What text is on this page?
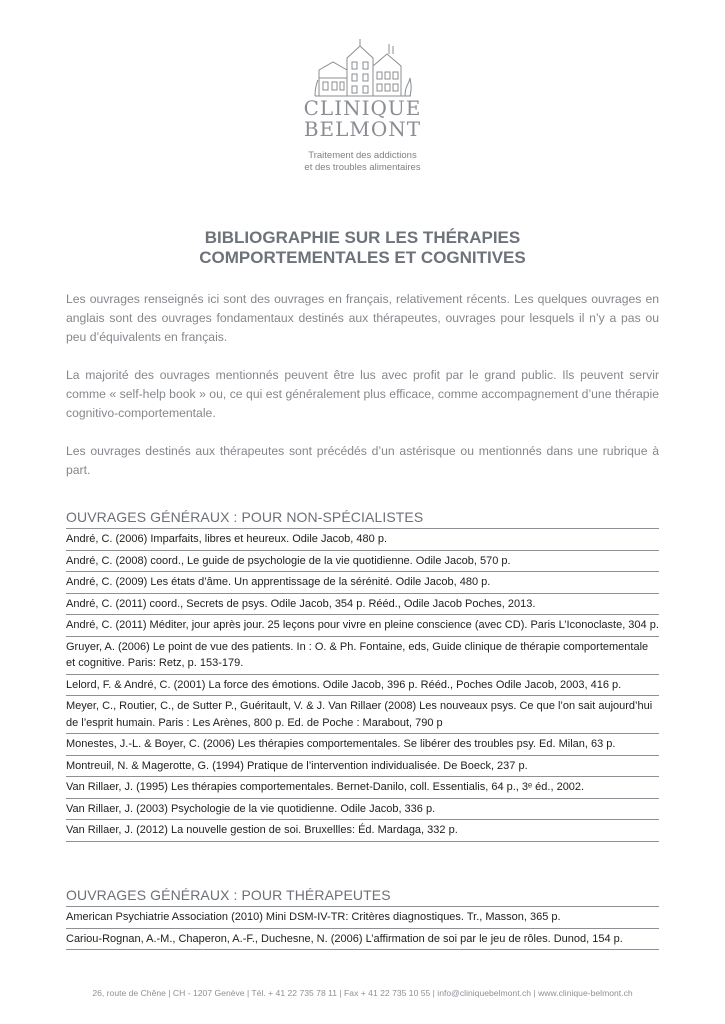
CLINIQUE
BELMONT
Traitement des addictions
et des troubles alimentaires
BIBLIOGRAPHIE SUR LES THÉRAPIES
COMPORTEMENTALES ET COGNITIVES

Les ouvrages renseignés ici sont des ouvrages en français, relativement récents. Les quelques ouvrages en anglais sont des ouvrages fondamentaux destinés aux thérapeutes, ouvrages pour lesquels il n’y a pas ou peu d’équivalents en français.

La majorité des ouvrages mentionnés peuvent être lus avec profit par le grand public. Ils peuvent servir comme « self-help book » ou, ce qui est généralement plus efficace, comme accompagnement d’une thérapie cognitivo-comportementale.

Les ouvrages destinés aux thérapeutes sont précédés d’un astérisque ou mentionnés dans une rubrique à part.

OUVRAGES GÉNÉRAUX : POUR NON-SPÉCIALISTES
André, C. (2006) Imparfaits, libres et heureux. Odile Jacob, 480 p.
André, C. (2008) coord., Le guide de psychologie de la vie quotidienne. Odile Jacob, 570 p.
André, C. (2009) Les états d’âme. Un apprentissage de la sérénité. Odile Jacob, 480 p.
André, C. (2011) coord., Secrets de psys. Odile Jacob, 354 p. Rééd., Odile Jacob Poches, 2013.
André, C. (2011) Méditer, jour après jour. 25 leçons pour vivre en pleine conscience (avec CD). Paris L’Iconoclaste, 304 p.
Gruyer, A. (2006) Le point de vue des patients. In : O. & Ph. Fontaine, eds, Guide clinique de thérapie comportementale et cognitive. Paris: Retz, p. 153-179.
Lelord, F. & André, C. (2001) La force des émotions. Odile Jacob, 396 p. Rééd., Poches Odile Jacob, 2003, 416 p.
Meyer, C., Routier, C., de Sutter P., Guéritault, V. & J. Van Rillaer (2008) Les nouveaux psys. Ce que l’on sait aujourd’hui de l’esprit humain. Paris : Les Arènes, 800 p. Ed. de Poche : Marabout, 790 p
Monestes, J.-L. & Boyer, C. (2006) Les thérapies comportementales. Se libérer des troubles psy. Ed. Milan, 63 p.
Montreuil, N. & Magerotte, G. (1994) Pratique de l’intervention individualisée. De Boeck, 237 p.
Van Rillaer, J. (1995) Les thérapies comportementales. Bernet-Danilo, coll. Essentialis, 64 p., 3ᵉ éd., 2002.
Van Rillaer, J. (2003) Psychologie de la vie quotidienne. Odile Jacob, 336 p.
Van Rillaer, J. (2012) La nouvelle gestion de soi. Bruxellles: Éd. Mardaga, 332 p.
OUVRAGES GÉNÉRAUX : POUR THÉRAPEUTES
American Psychiatrie Association (2010) Mini DSM-IV-TR: Critères diagnostiques. Tr., Masson, 365 p.
Cariou-Rognan, A.-M., Chaperon, A.-F., Duchesne, N. (2006) L’affirmation de soi par le jeu de rôles. Dunod, 154 p.
26, route de Chêne | CH - 1207 Genève | Tél. + 41 22 735 78 11 | Fax + 41 22 735 10 55 | info@cliniquebelmont.ch | www.clinique-belmont.ch
